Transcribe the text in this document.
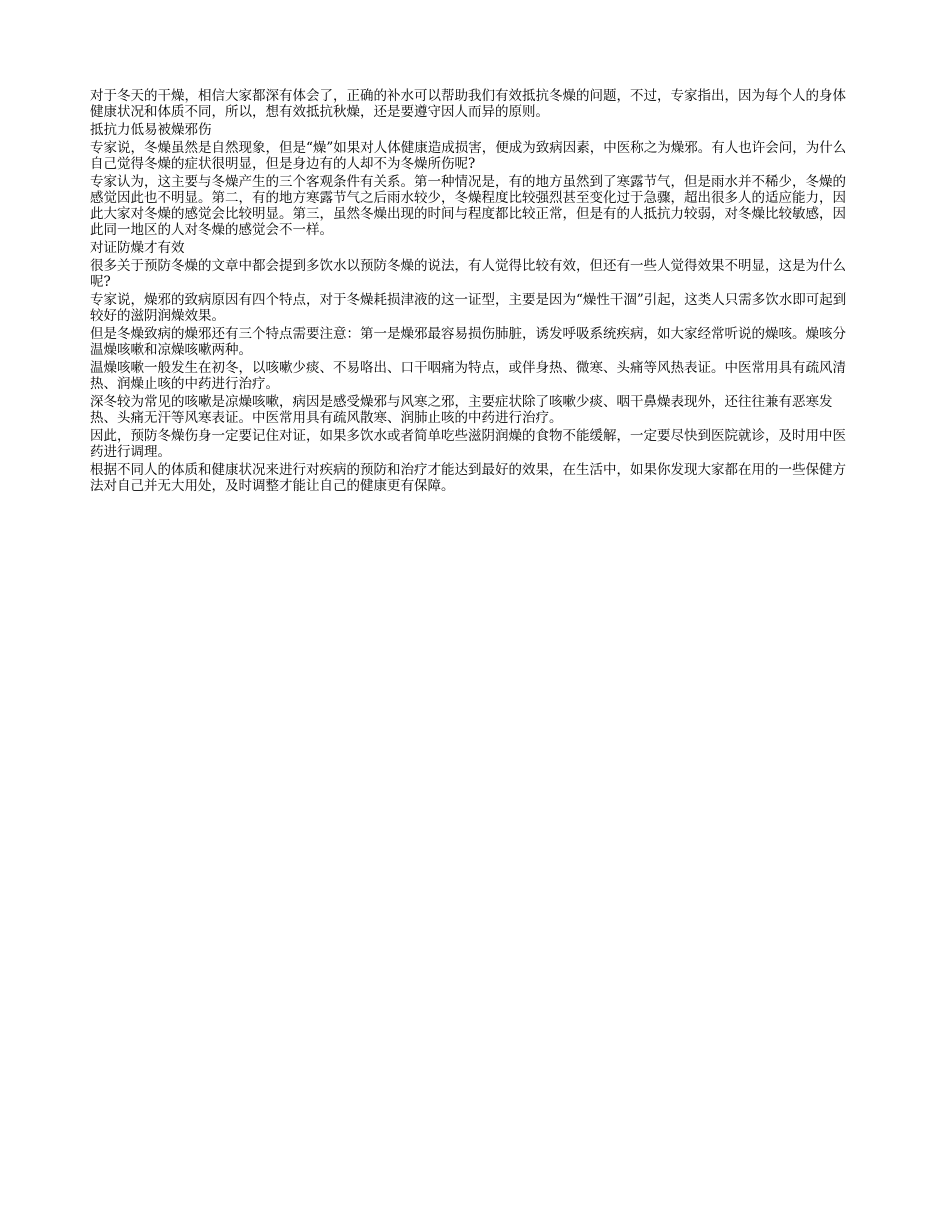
对于冬天的干燥，相信大家都深有体会了，正确的补水可以帮助我们有效抵抗冬燥的问题，不过，专家指出，因为每个人的身体健康状况和体质不同，所以，想有效抵抗秋燥，还是要遵守因人而异的原则。

抵抗力低易被燥邪伤

专家说，冬燥虽然是自然现象，但是“燥”如果对人体健康造成损害，便成为致病因素，中医称之为燥邪。有人也许会问，为什么自己觉得冬燥的症状很明显，但是身边有的人却不为冬燥所伤呢?

专家认为，这主要与冬燥产生的三个客观条件有关系。第一种情况是，有的地方虽然到了寒露节气，但是雨水并不稀少，冬燥的感觉因此也不明显。第二，有的地方寒露节气之后雨水较少，冬燥程度比较强烈甚至变化过于急骤，超出很多人的适应能力，因此大家对冬燥的感觉会比较明显。第三，虽然冬燥出现的时间与程度都比较正常，但是有的人抵抗力较弱，对冬燥比较敏感，因此同一地区的人对冬燥的感觉会不一样。

对证防燥才有效

很多关于预防冬燥的文章中都会提到多饮水以预防冬燥的说法，有人觉得比较有效，但还有一些人觉得效果不明显，这是为什么呢?

专家说，燥邪的致病原因有四个特点，对于冬燥耗损津液的这一证型，主要是因为“燥性干涸”引起，这类人只需多饮水即可起到较好的滋阴润燥效果。

但是冬燥致病的燥邪还有三个特点需要注意：第一是燥邪最容易损伤肺脏，诱发呼吸系统疾病，如大家经常听说的燥咳。燥咳分温燥咳嗽和凉燥咳嗽两种。

温燥咳嗽一般发生在初冬，以咳嗽少痰、不易咯出、口干咽痛为特点，或伴身热、微寒、头痛等风热表证。中医常用具有疏风清热、润燥止咳的中药进行治疗。

深冬较为常见的咳嗽是凉燥咳嗽，病因是感受燥邪与风寒之邪，主要症状除了咳嗽少痰、咽干鼻燥表现外，还往往兼有恶寒发热、头痛无汗等风寒表证。中医常用具有疏风散寒、润肺止咳的中药进行治疗。

因此，预防冬燥伤身一定要记住对证，如果多饮水或者简单吃些滋阴润燥的食物不能缓解，一定要尽快到医院就诊，及时用中医药进行调理。

根据不同人的体质和健康状况来进行对疾病的预防和治疗才能达到最好的效果，在生活中，如果你发现大家都在用的一些保健方法对自己并无大用处，及时调整才能让自己的健康更有保障。
